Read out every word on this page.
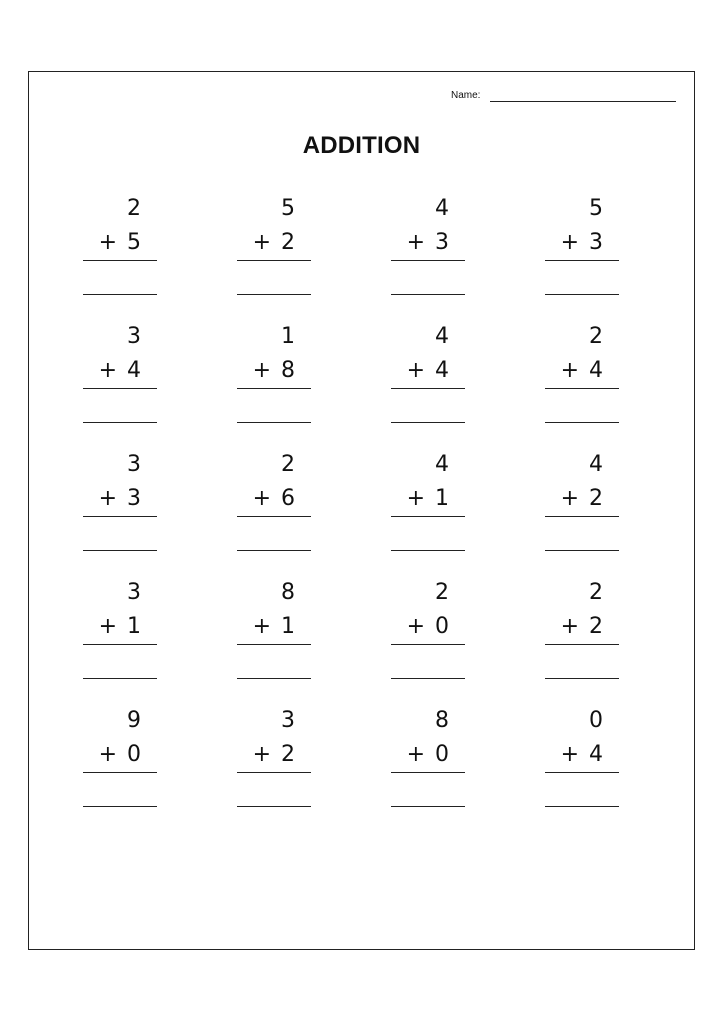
Name:
ADDITION
2
+ 5
5
+ 2
4
+ 3
5
+ 3
3
+ 4
1
+ 8
4
+ 4
2
+ 4
3
+ 3
2
+ 6
4
+ 1
4
+ 2
3
+ 1
8
+ 1
2
+ 0
2
+ 2
9
+ 0
3
+ 2
8
+ 0
0
+ 4
